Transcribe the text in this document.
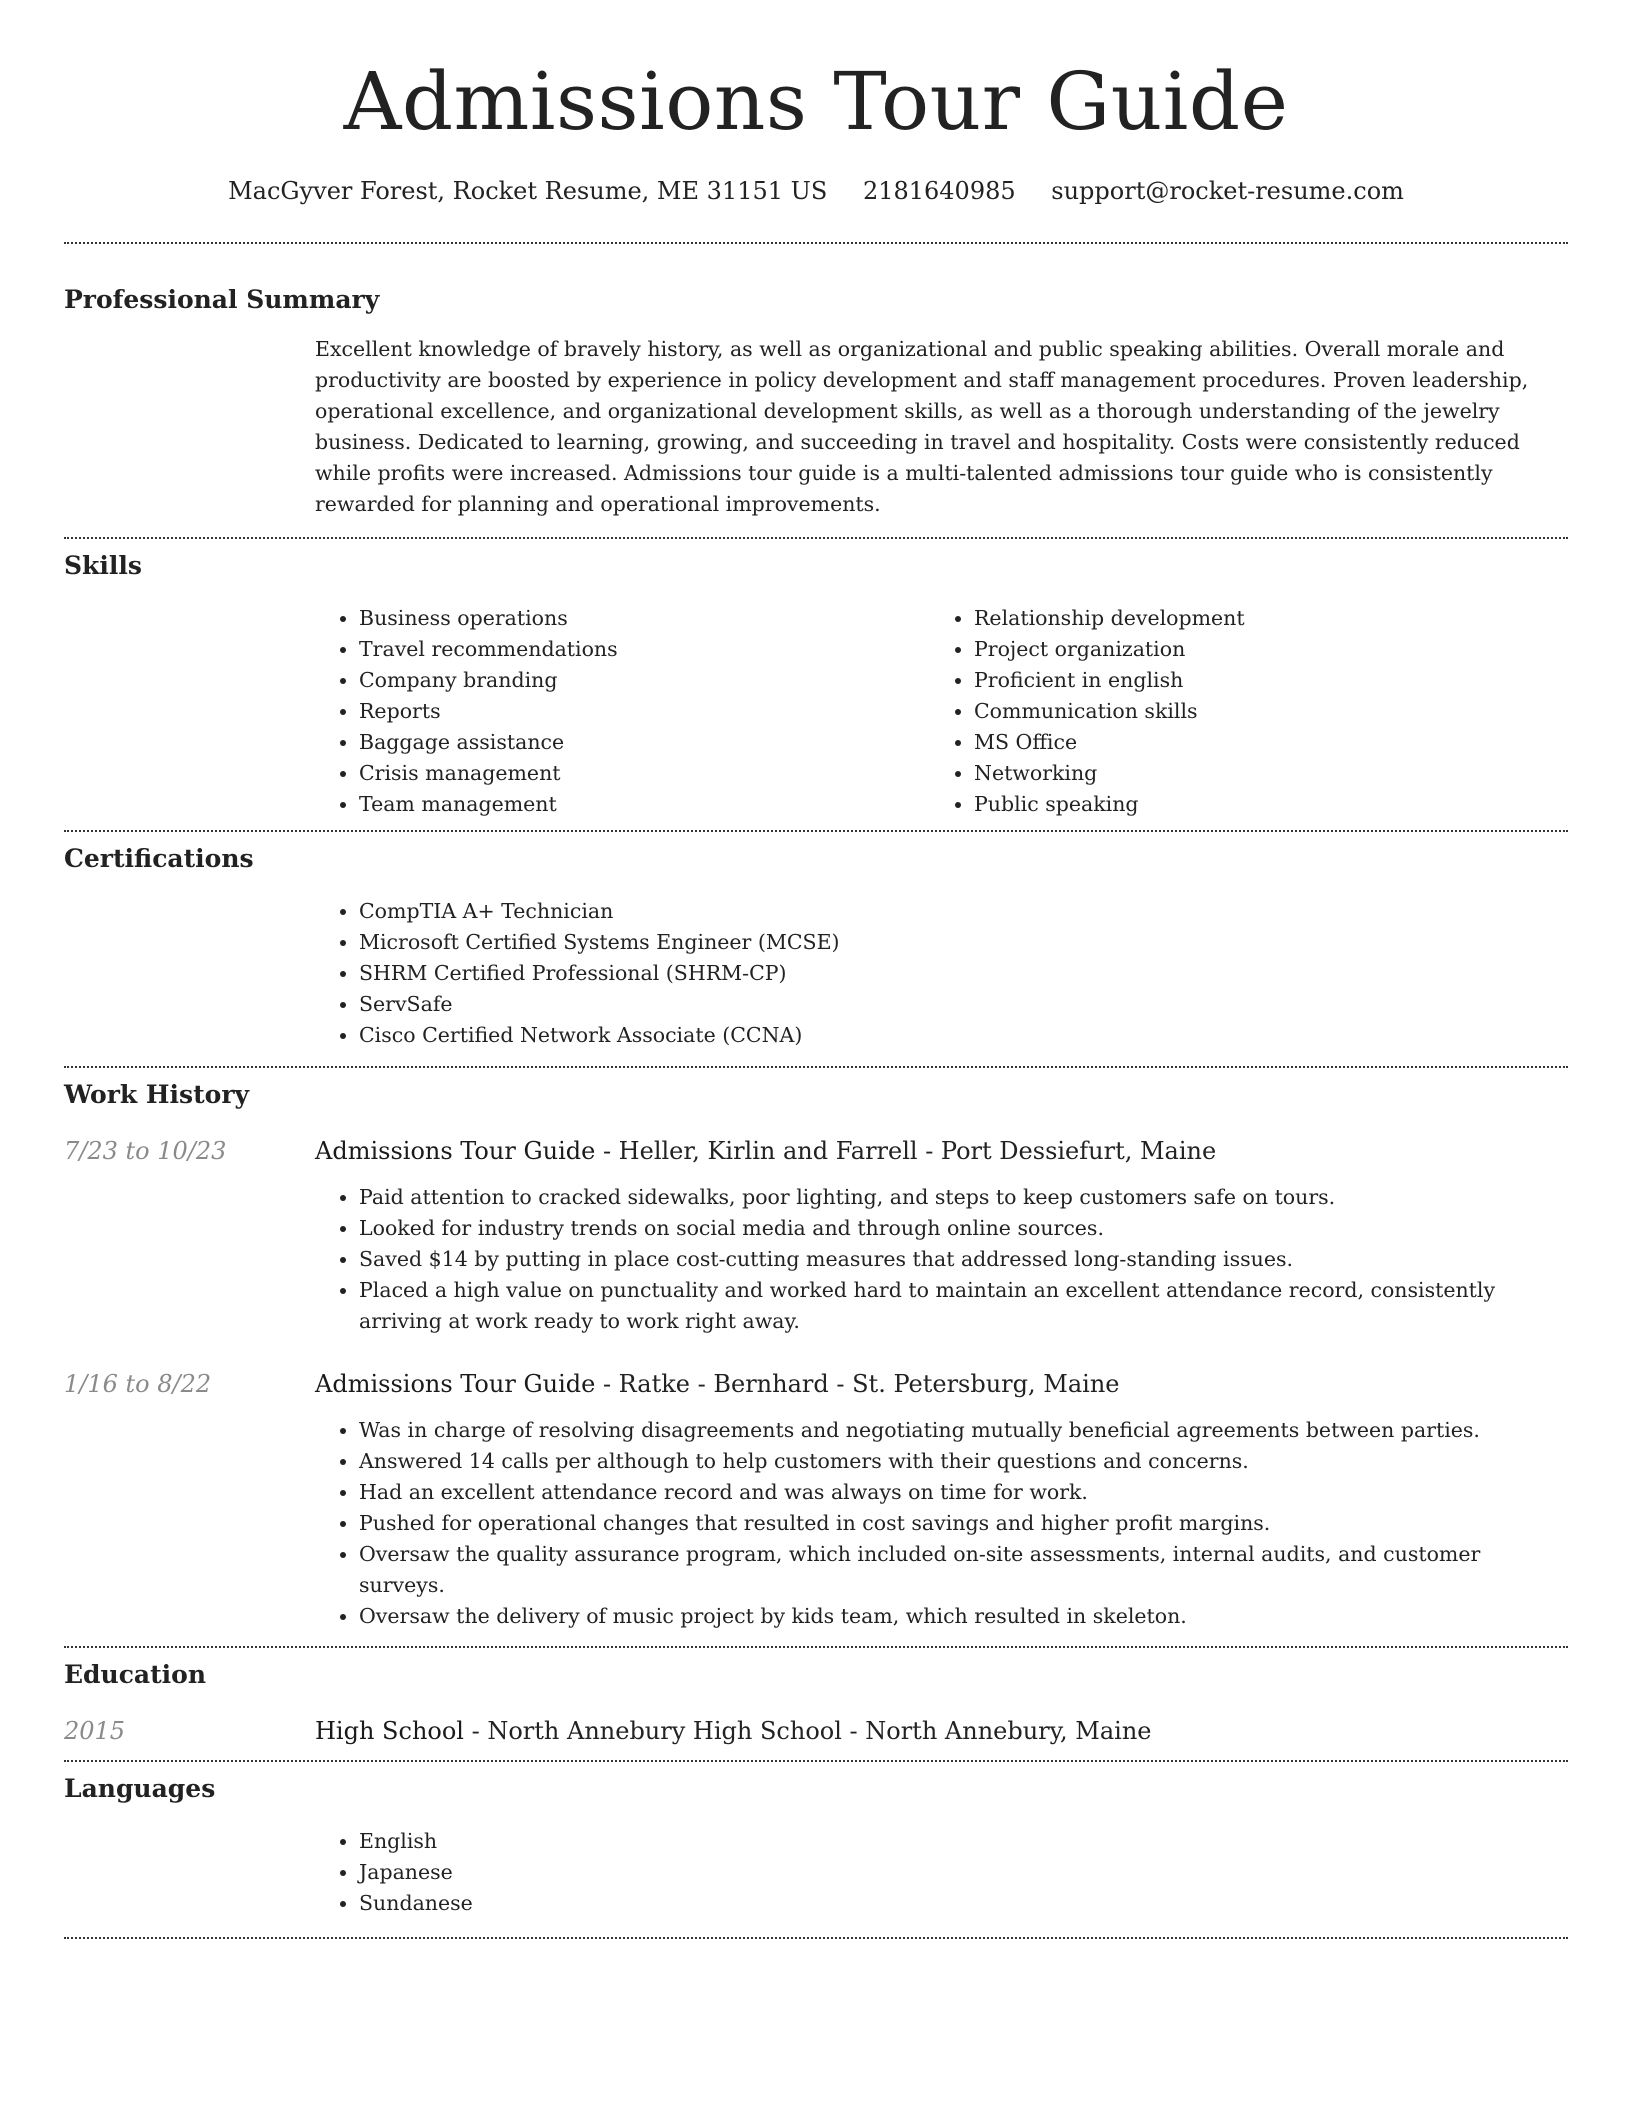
Admissions Tour Guide
MacGyver Forest, Rocket Resume, ME 31151 US 2181640985 support@rocket-resume.com
Professional Summary

Excellent knowledge of bravely history, as well as organizational and public speaking abilities. Overall morale and productivity are boosted by experience in policy development and staff management procedures. Proven leadership, operational excellence, and organizational development skills, as well as a thorough understanding of the jewelry business. Dedicated to learning, growing, and succeeding in travel and hospitality. Costs were consistently reduced while profits were increased. Admissions tour guide is a multi-talented admissions tour guide who is consistently rewarded for planning and operational improvements.

Skills
• Business operations
• Travel recommendations
• Company branding
• Reports
• Baggage assistance
• Crisis management
• Team management
• Relationship development
• Project organization
• Proficient in english
• Communication skills
• MS Office
• Networking
• Public speaking
Certifications
• CompTIA A+ Technician
• Microsoft Certified Systems Engineer (MCSE)
• SHRM Certified Professional (SHRM-CP)
• ServSafe
• Cisco Certified Network Associate (CCNA)
Work History
7/23 to 10/23	Admissions Tour Guide - Heller, Kirlin and Farrell - Port Dessiefurt, Maine
• Paid attention to cracked sidewalks, poor lighting, and steps to keep customers safe on tours.
• Looked for industry trends on social media and through online sources.
• Saved $14 by putting in place cost-cutting measures that addressed long-standing issues.
• Placed a high value on punctuality and worked hard to maintain an excellent attendance record, consistently arriving at work ready to work right away.
1/16 to 8/22	Admissions Tour Guide - Ratke - Bernhard - St. Petersburg, Maine
• Was in charge of resolving disagreements and negotiating mutually beneficial agreements between parties.
• Answered 14 calls per although to help customers with their questions and concerns.
• Had an excellent attendance record and was always on time for work.
• Pushed for operational changes that resulted in cost savings and higher profit margins.
• Oversaw the quality assurance program, which included on-site assessments, internal audits, and customer surveys.
• Oversaw the delivery of music project by kids team, which resulted in skeleton.
Education
2015	High School - North Annebury High School - North Annebury, Maine
Languages
• English
• Japanese
• Sundanese
